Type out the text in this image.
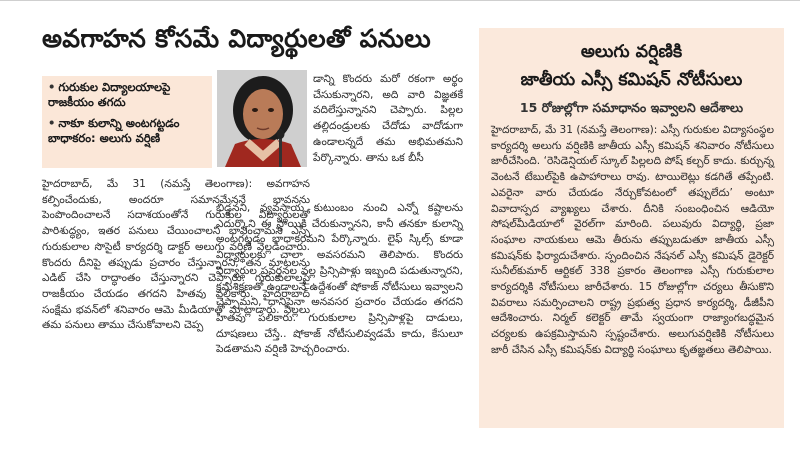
అవగాహన కోసమే విద్యార్థులతో పనులు
• గురుకుల విద్యాలయాలపై రాజకీయం తగదు
• నాకూ కులాన్ని అంటగట్టడం బాధాకరం: అలుగు వర్షిణి
హైదరాబాద్, మే 31 (నమస్తే తెలంగాణ): అవగాహన కల్పించేందుకు, అందరూ సమానమేననే భావనను పెంపొందించాలనే సదాశయంతోనే గురుకుల విద్యార్థులతో పారిశుద్ధ్యం, ఇతర పనులు చేయించాలని భావించామని ఎస్సీ గురుకులాల సొసైటీ కార్యదర్శి డాక్టర్ అలుగు వర్షిణి వెల్లడించారు. కొందరు దీనిపై తప్పుడు ప్రచారం చేస్తున్నారని, తన మాటలను ఎడిట్ చేసి రాద్ధాంతం చేస్తున్నారని చెప్పారు. గురుకులాలపై రాజకీయం చేయడం తగదని హితవు పలికారు. హైదరాబాద్ సంక్షేమ భవన్‌లో శనివారం ఆమె మీడియాతో మాట్లాడారు. పిల్లలు తమ పనులు తాము చేసుకోవాలని చెప్ప
డాన్ని కొందరు మరో రకంగా అర్థం చేసుకున్నారని, అది వారి విజ్ఞతకే వదిలేస్తున్నానని చెప్పారు. పిల్లల తల్లిదండ్రులకు చేదోడు వాదోడుగా ఉండాలన్నదే తమ అభిమతమని పేర్కొన్నారు. తాను ఒక బీసీ
బిడ్డనని, వ్యవసాయ కుటుంబం నుంచి ఎన్నో కష్టాలను ఎదుర్కొని ఈ స్థాయికి చేరుకున్నానని, కానీ తనకూ కులాన్ని అంటగట్టడం బాధాకరమని పేర్కొన్నారు. లైఫ్ స్కిల్స్ కూడా విద్యార్థులకు చాలా అవసరమని తెలిపారు. కొందరు విద్యార్థుల ప్రవర్తనల వల్ల ప్రిన్సిపాళ్లు ఇబ్బంది పడుతున్నారని, క్రమశిక్షణతో ఉండాలనే ఉద్దేశంతో షోకాజ్ నోటీసులు ఇవ్వాలని చెప్పామని, దానిపైనా అనవసర ప్రచారం చేయడం తగదని హితవు పలికారు. గురుకులాల ప్రిన్సిపాళ్లపై దాడులు, దూషణలు చేస్తే.. షోకాజ్ నోటీసులివ్వడమే కాదు, కేసులూ పెడతామని వర్షిణి హెచ్చరించారు.
అలుగు వర్షిణికి
జాతీయ ఎస్సీ కమిషన్ నోటీసులు
15 రోజుల్లోగా సమాధానం ఇవ్వాలని ఆదేశాలు
హైదరాబాద్, మే 31 (నమస్తే తెలంగాణ): ఎస్సీ గురుకుల విద్యాసంస్థల కార్యదర్శి అలుగు వర్షిణికి జాతీయ ఎస్సీ కమిషన్ శనివారం నోటీసులు జారీచేసింది. ‘రెసిడెన్షియల్ స్కూల్ పిల్లలది పోష్ కల్చర్ కాదు. కుర్చున్న వెంటనే టేబుల్‌పైకి ఉపాహారాలు రావు. టాయిలెట్లు కడగితే తప్పేంటి. ఎవరైనా వారు చేయడం నేర్చుకోవటంలో తప్పులేదు’ అంటూ వివాదాస్పద వ్యాఖ్యలు చేశారు. దీనికి సంబంధించిన ఆడియో సోషల్‌మీడియాలో వైరల్‌గా మారింది. పలువురు విద్యార్థి, ప్రజా సంఘాల నాయకులు ఆమె తీరును తప్పుబడుతూ జాతీయ ఎస్సీ కమిషన్‌కు ఫిర్యాదుచేశారు. స్పందించిన నేషనల్ ఎస్సీ కమిషన్ డైరెక్టర్ సునీల్‌కుమార్ ఆర్టికల్ 338 ప్రకారం తెలంగాణ ఎస్సీ గురుకులాల కార్యదర్శికి నోటీసులు జారీచేశారు. 15 రోజుల్లోగా చర్యలు తీసుకొని వివరాలు సమర్పించాలని రాష్ట్ర ప్రభుత్వ ప్రధాన కార్యదర్శి, డీజీపీని ఆదేశించారు. నిర్మల్ కలెక్టర్ తామే స్వయంగా రాజ్యాంగబద్ధమైన చర్యలకు ఉపక్రమిస్తామని స్పష్టంచేశారు. అలుగువర్షిణికి నోటీసులు జారీ చేసిన ఎస్సీ కమిషన్‌కు విద్యార్థి సంఘాలు కృతజ్ఞతలు తెలిపాయి.
